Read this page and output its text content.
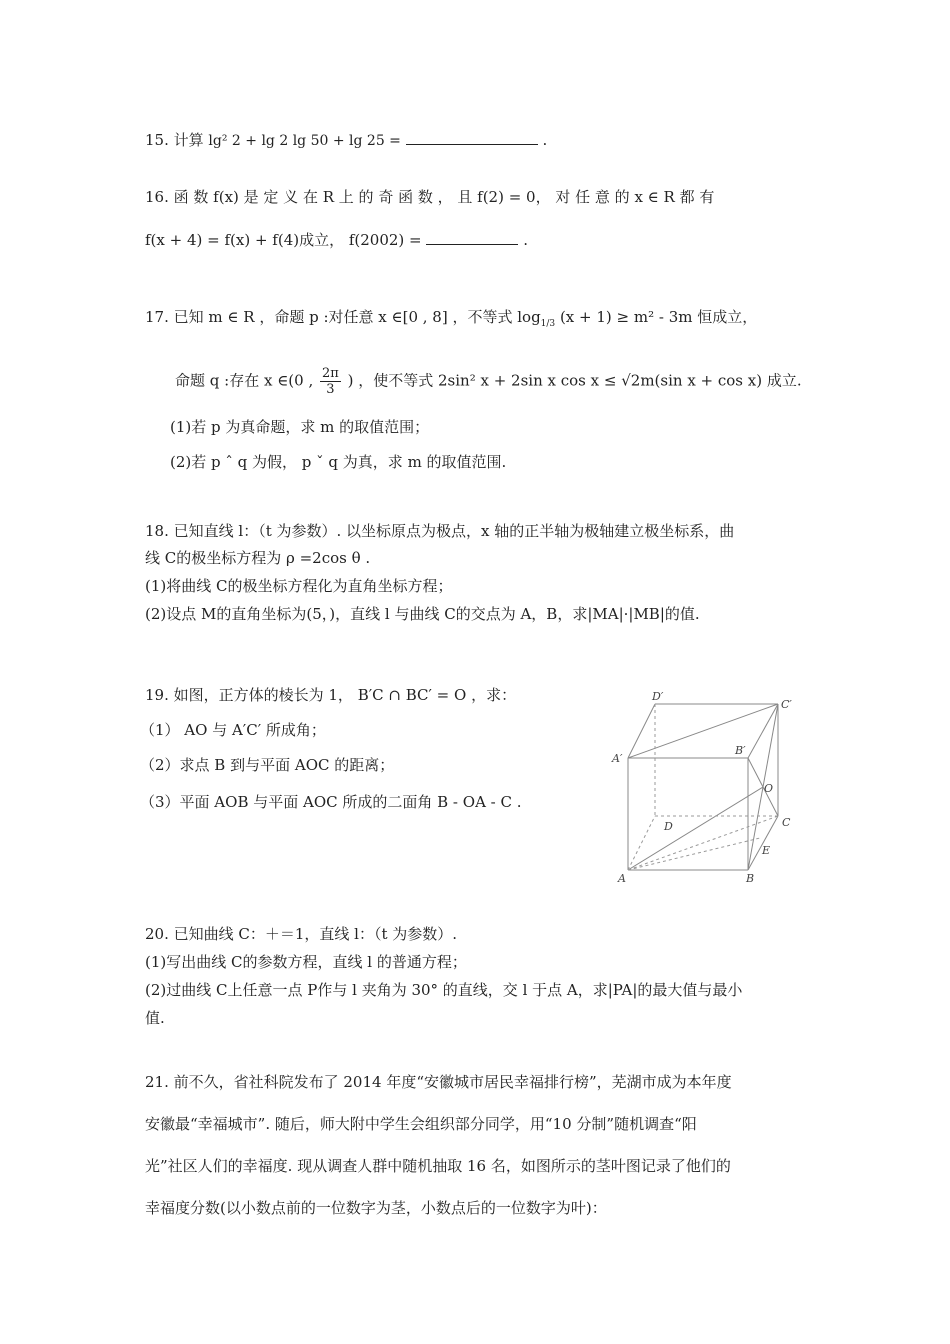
15. 计算 lg² 2 + lg 2 lg 50 + lg 25 =	.
16. 函 数 f(x) 是 定 义 在 R 上 的 奇 函 数 ， 且 f(2) = 0， 对 任 意 的 x ∈ R 都 有
f(x + 4) = f(x) + f(4)成立， f(2002) =	.
17. 已知 m ∈ R ，命题 p :对任意 x ∈[0 , 8] ，不等式 $\log_{1/3} (x + 1) \ge m^2 - 3m$ 恒成立，
命题 q :存在 x ∈(0 , $\frac{2\pi}{3}$ ) ，使不等式 2sin² x + 2sin x cos x ≤ √2m(sin x + cos x) 成立.
(1)若 p 为真命题，求 m 的取值范围；
(2)若 p ˆ q 为假， p ˇ q 为真，求 m 的取值范围.
18. 已知直线 l：（t 为参数）. 以坐标原点为极点，x 轴的正半轴为极轴建立极坐标系，曲
线 C的极坐标方程为 ρ =2cos θ .
(1)将曲线 C的极坐标方程化为直角坐标方程；
(2)设点 M的直角坐标为(5，)，直线 l 与曲线 C的交点为 A，B，求|MA|·|MB|的值.
19. 如图，正方体的棱长为 1， B′C ∩ BC′ = O ，求：
（1） AO 与 A′C′ 所成角；
（2）求点 B 到与平面 AOC 的距离；
（3）平面 AOB 与平面 AOC 所成的二面角 B - OA - C .
D′
C′
A′
B′
O
D	C
E
A	B
20. 已知曲线 C：＋＝1，直线 l：（t 为参数）.
(1)写出曲线 C的参数方程，直线 l 的普通方程；
(2)过曲线 C上任意一点 P作与 l 夹角为 30° 的直线，交 l 于点 A，求|PA|的最大值与最小
值.
21. 前不久，省社科院发布了 2014 年度“安徽城市居民幸福排行榜”，芜湖市成为本年度
安徽最“幸福城市”. 随后，师大附中学生会组织部分同学，用“10 分制”随机调查“阳
光”社区人们的幸福度. 现从调查人群中随机抽取 16 名，如图所示的茎叶图记录了他们的
幸福度分数(以小数点前的一位数字为茎，小数点后的一位数字为叶)：
